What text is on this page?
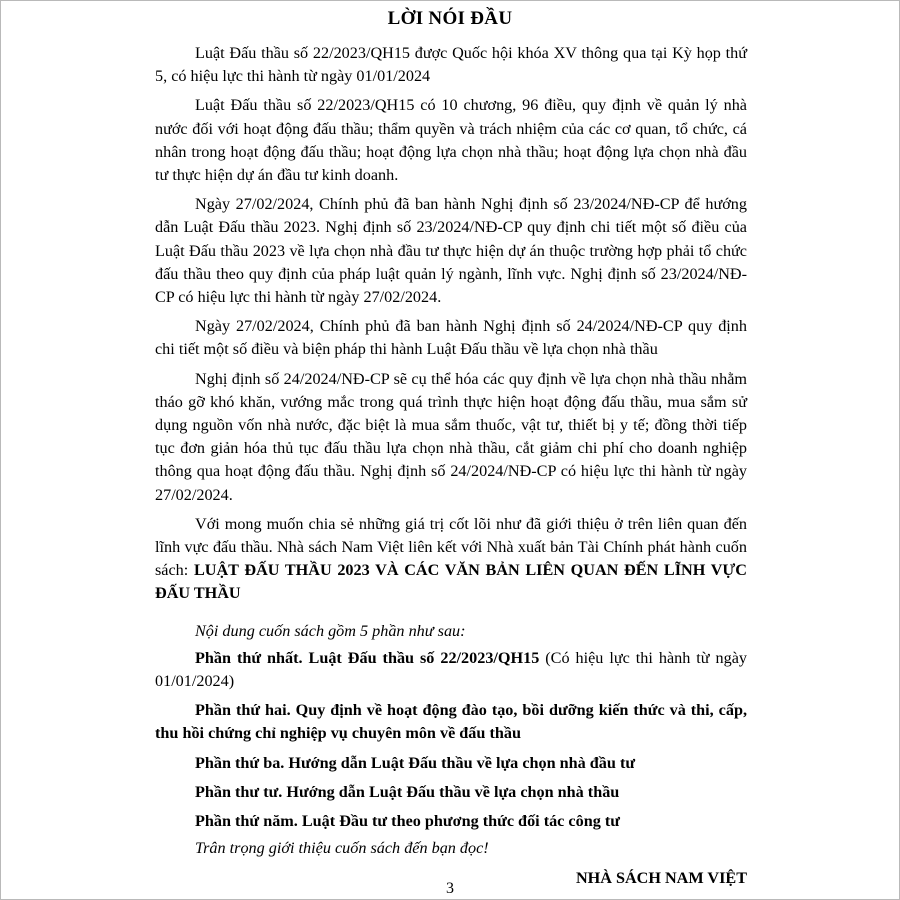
LỜI NÓI ĐẦU

Luật Đấu thầu số 22/2023/QH15 được Quốc hội khóa XV thông qua tại Kỳ họp thứ 5, có hiệu lực thi hành từ ngày 01/01/2024

Luật Đấu thầu số 22/2023/QH15 có 10 chương, 96 điều, quy định về quản lý nhà nước đối với hoạt động đấu thầu; thẩm quyền và trách nhiệm của các cơ quan, tổ chức, cá nhân trong hoạt động đấu thầu; hoạt động lựa chọn nhà thầu; hoạt động lựa chọn nhà đầu tư thực hiện dự án đầu tư kinh doanh.

Ngày 27/02/2024, Chính phủ đã ban hành Nghị định số 23/2024/NĐ-CP để hướng dẫn Luật Đấu thầu 2023. Nghị định số 23/2024/NĐ-CP quy định chi tiết một số điều của Luật Đấu thầu 2023 về lựa chọn nhà đầu tư thực hiện dự án thuộc trường hợp phải tổ chức đấu thầu theo quy định của pháp luật quản lý ngành, lĩnh vực. Nghị định số 23/2024/NĐ-CP có hiệu lực thi hành từ ngày 27/02/2024.

Ngày 27/02/2024, Chính phủ đã ban hành Nghị định số 24/2024/NĐ-CP quy định chi tiết một số điều và biện pháp thi hành Luật Đấu thầu về lựa chọn nhà thầu

Nghị định số 24/2024/NĐ-CP sẽ cụ thể hóa các quy định về lựa chọn nhà thầu nhằm tháo gỡ khó khăn, vướng mắc trong quá trình thực hiện hoạt động đấu thầu, mua sắm sử dụng nguồn vốn nhà nước, đặc biệt là mua sắm thuốc, vật tư, thiết bị y tế; đồng thời tiếp tục đơn giản hóa thủ tục đấu thầu lựa chọn nhà thầu, cắt giảm chi phí cho doanh nghiệp thông qua hoạt động đấu thầu. Nghị định số 24/2024/NĐ-CP có hiệu lực thi hành từ ngày 27/02/2024.

Với mong muốn chia sẻ những giá trị cốt lõi như đã giới thiệu ở trên liên quan đến lĩnh vực đấu thầu. Nhà sách Nam Việt liên kết với Nhà xuất bản Tài Chính phát hành cuốn sách: LUẬT ĐẤU THẦU 2023 VÀ CÁC VĂN BẢN LIÊN QUAN ĐẾN LĨNH VỰC ĐẤU THẦU

Nội dung cuốn sách gồm 5 phần như sau:

Phần thứ nhất. Luật Đấu thầu số 22/2023/QH15 (Có hiệu lực thi hành từ ngày 01/01/2024)

Phần thứ hai. Quy định về hoạt động đào tạo, bồi dưỡng kiến thức và thi, cấp, thu hồi chứng chỉ nghiệp vụ chuyên môn về đấu thầu

Phần thứ ba. Hướng dẫn Luật Đấu thầu về lựa chọn nhà đầu tư

Phần thư tư. Hướng dẫn Luật Đấu thầu về lựa chọn nhà thầu

Phần thứ năm. Luật Đầu tư theo phương thức đối tác công tư

Trân trọng giới thiệu cuốn sách đến bạn đọc!

NHÀ SÁCH NAM VIỆT
3
